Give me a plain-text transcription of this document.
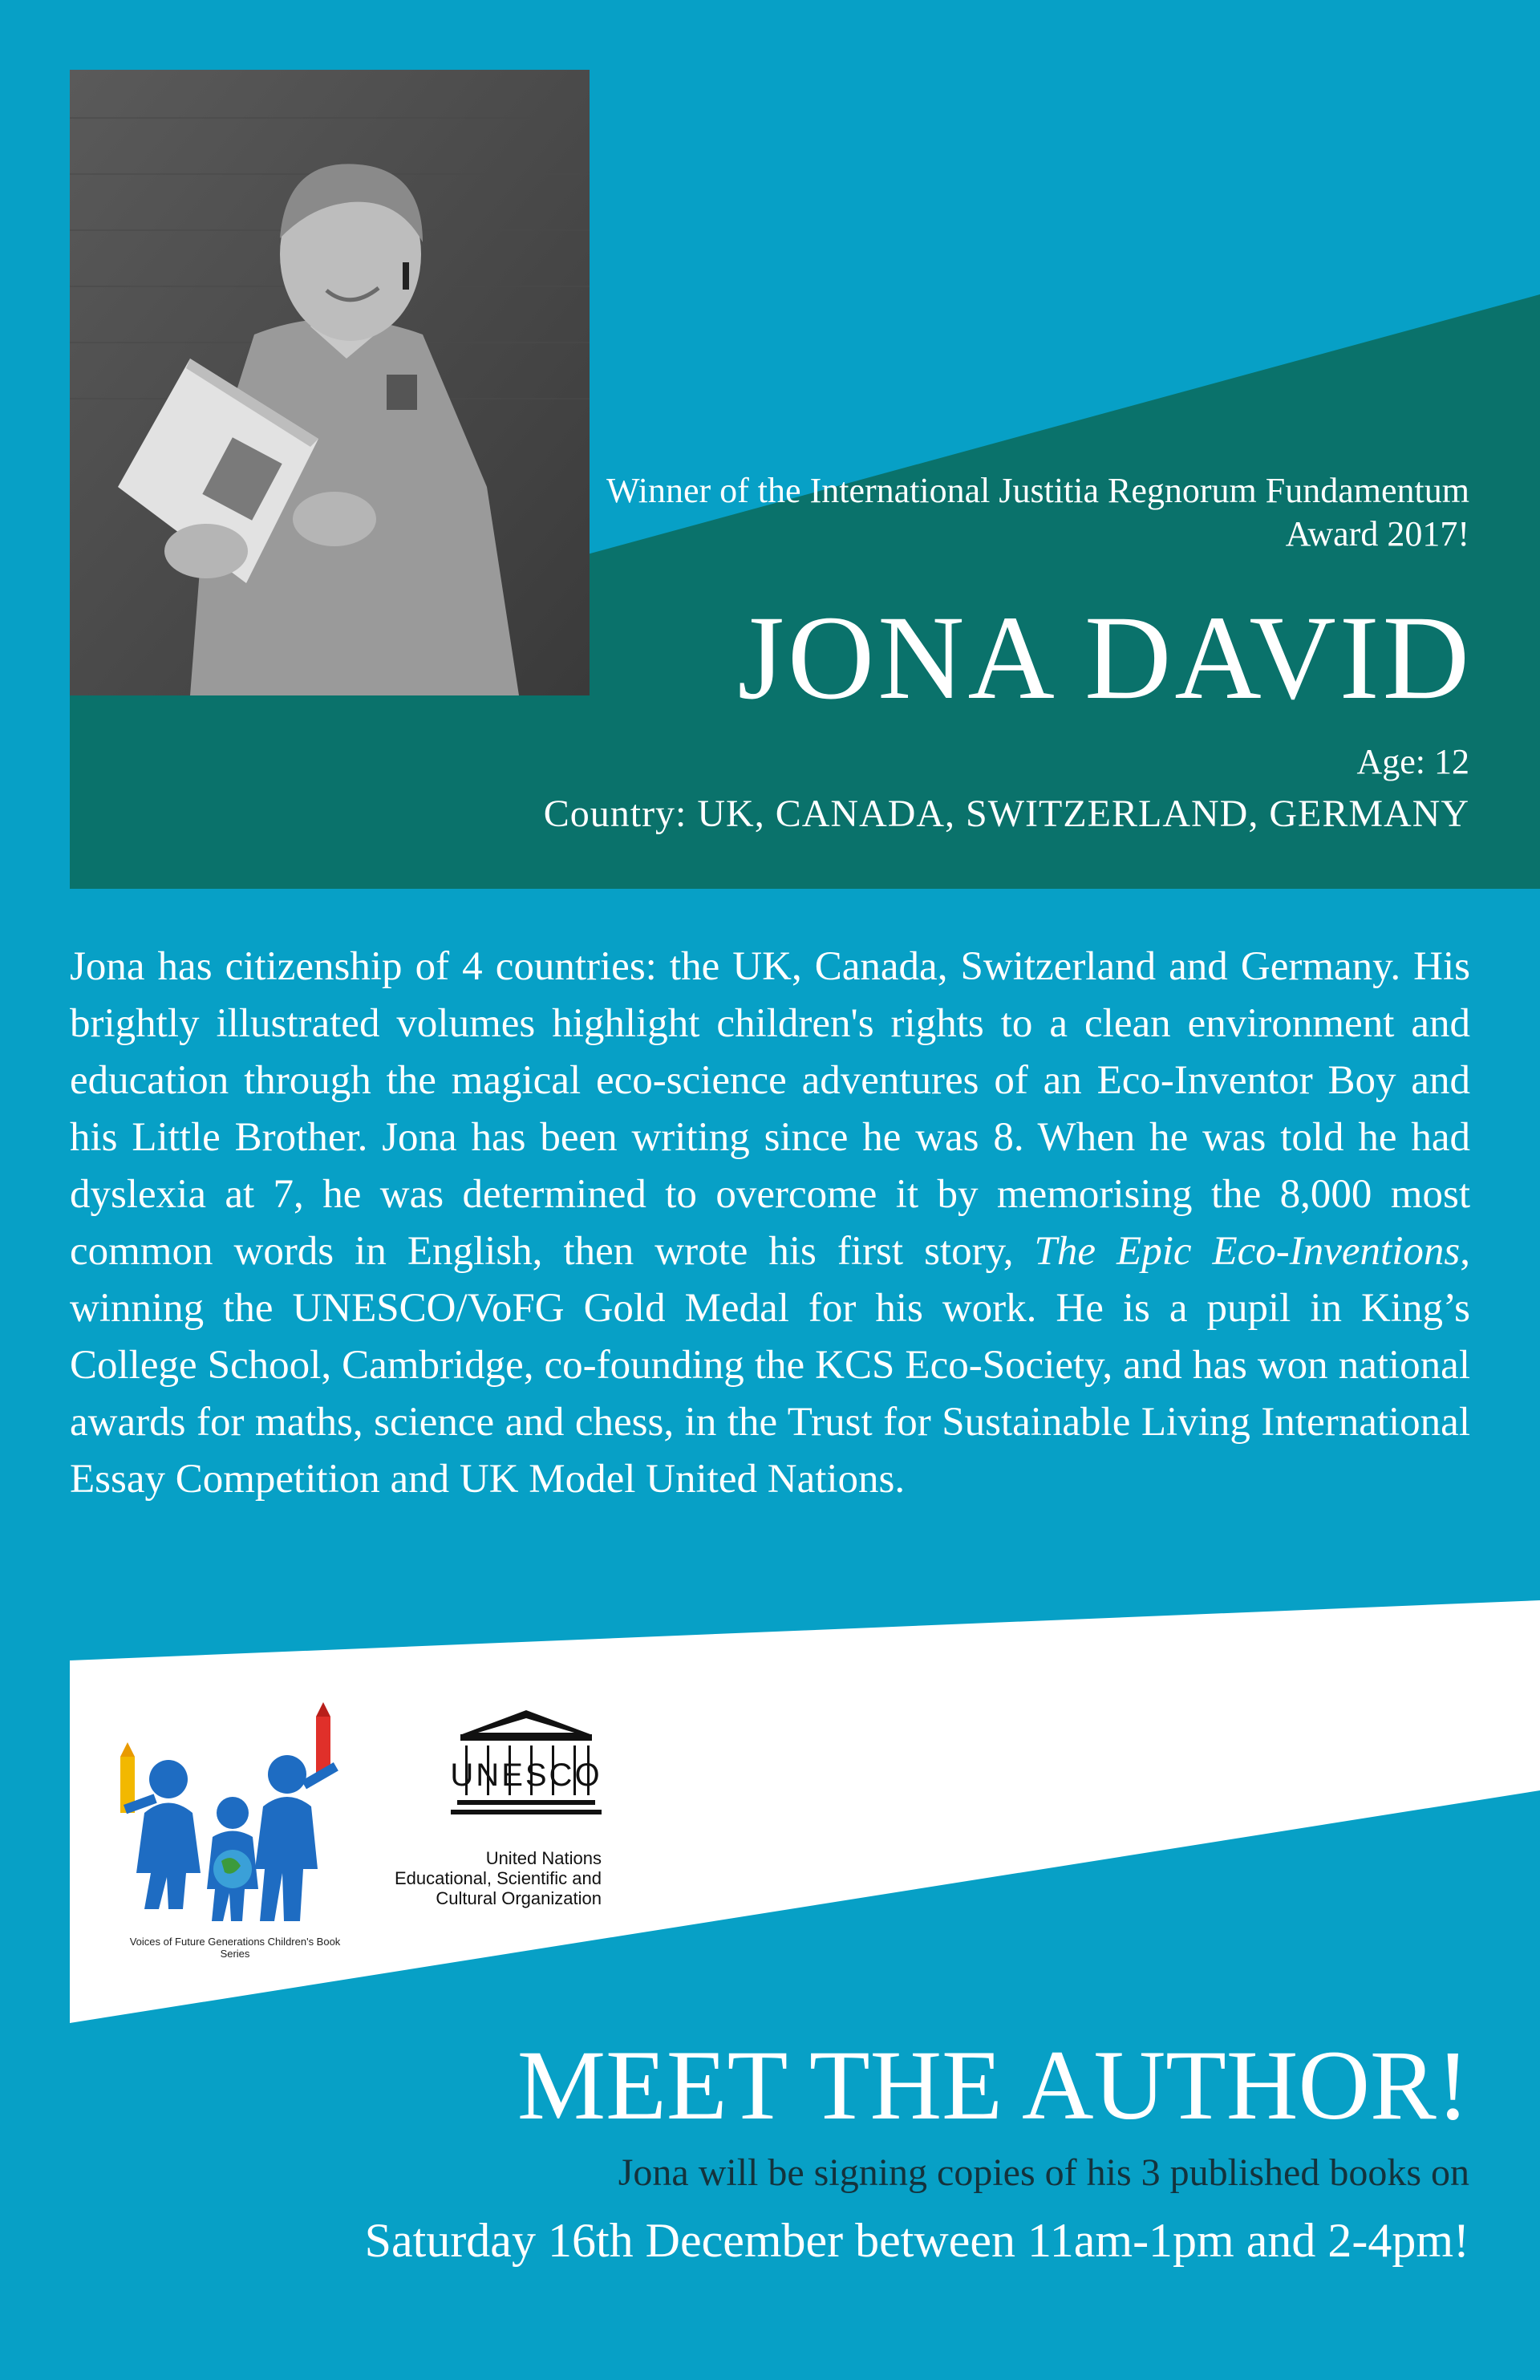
Winner of the International Justitia Regnorum Fundamentum Award 2017!
JONA DAVID
Age: 12
Country: UK, CANADA, SWITZERLAND, GERMANY
Jona has citizenship of 4 countries: the UK, Canada, Switzerland and Germany. His brightly illustrated volumes highlight children's rights to a clean environment and education through the magical eco-science adventures of an Eco-Inventor Boy and his Little Brother. Jona has been writing since he was 8. When he was told he had dyslexia at 7, he was determined to overcome it by memorising the 8,000 most common words in English, then wrote his first story, The Epic Eco-Inventions, winning the UNESCO/VoFG Gold Medal for his work. He is a pupil in King’s College School, Cambridge, co-founding the KCS Eco-Society, and has won national awards for maths, science and chess, in the Trust for Sustainable Living International Essay Competition and UK Model United Nations.
Voices of Future Generations Children's Book Series
UNESCO
United Nations
Educational, Scientific and
Cultural Organization
MEET THE AUTHOR!
Jona will be signing copies of his 3 published books on
Saturday 16th December between 11am-1pm and 2-4pm!
